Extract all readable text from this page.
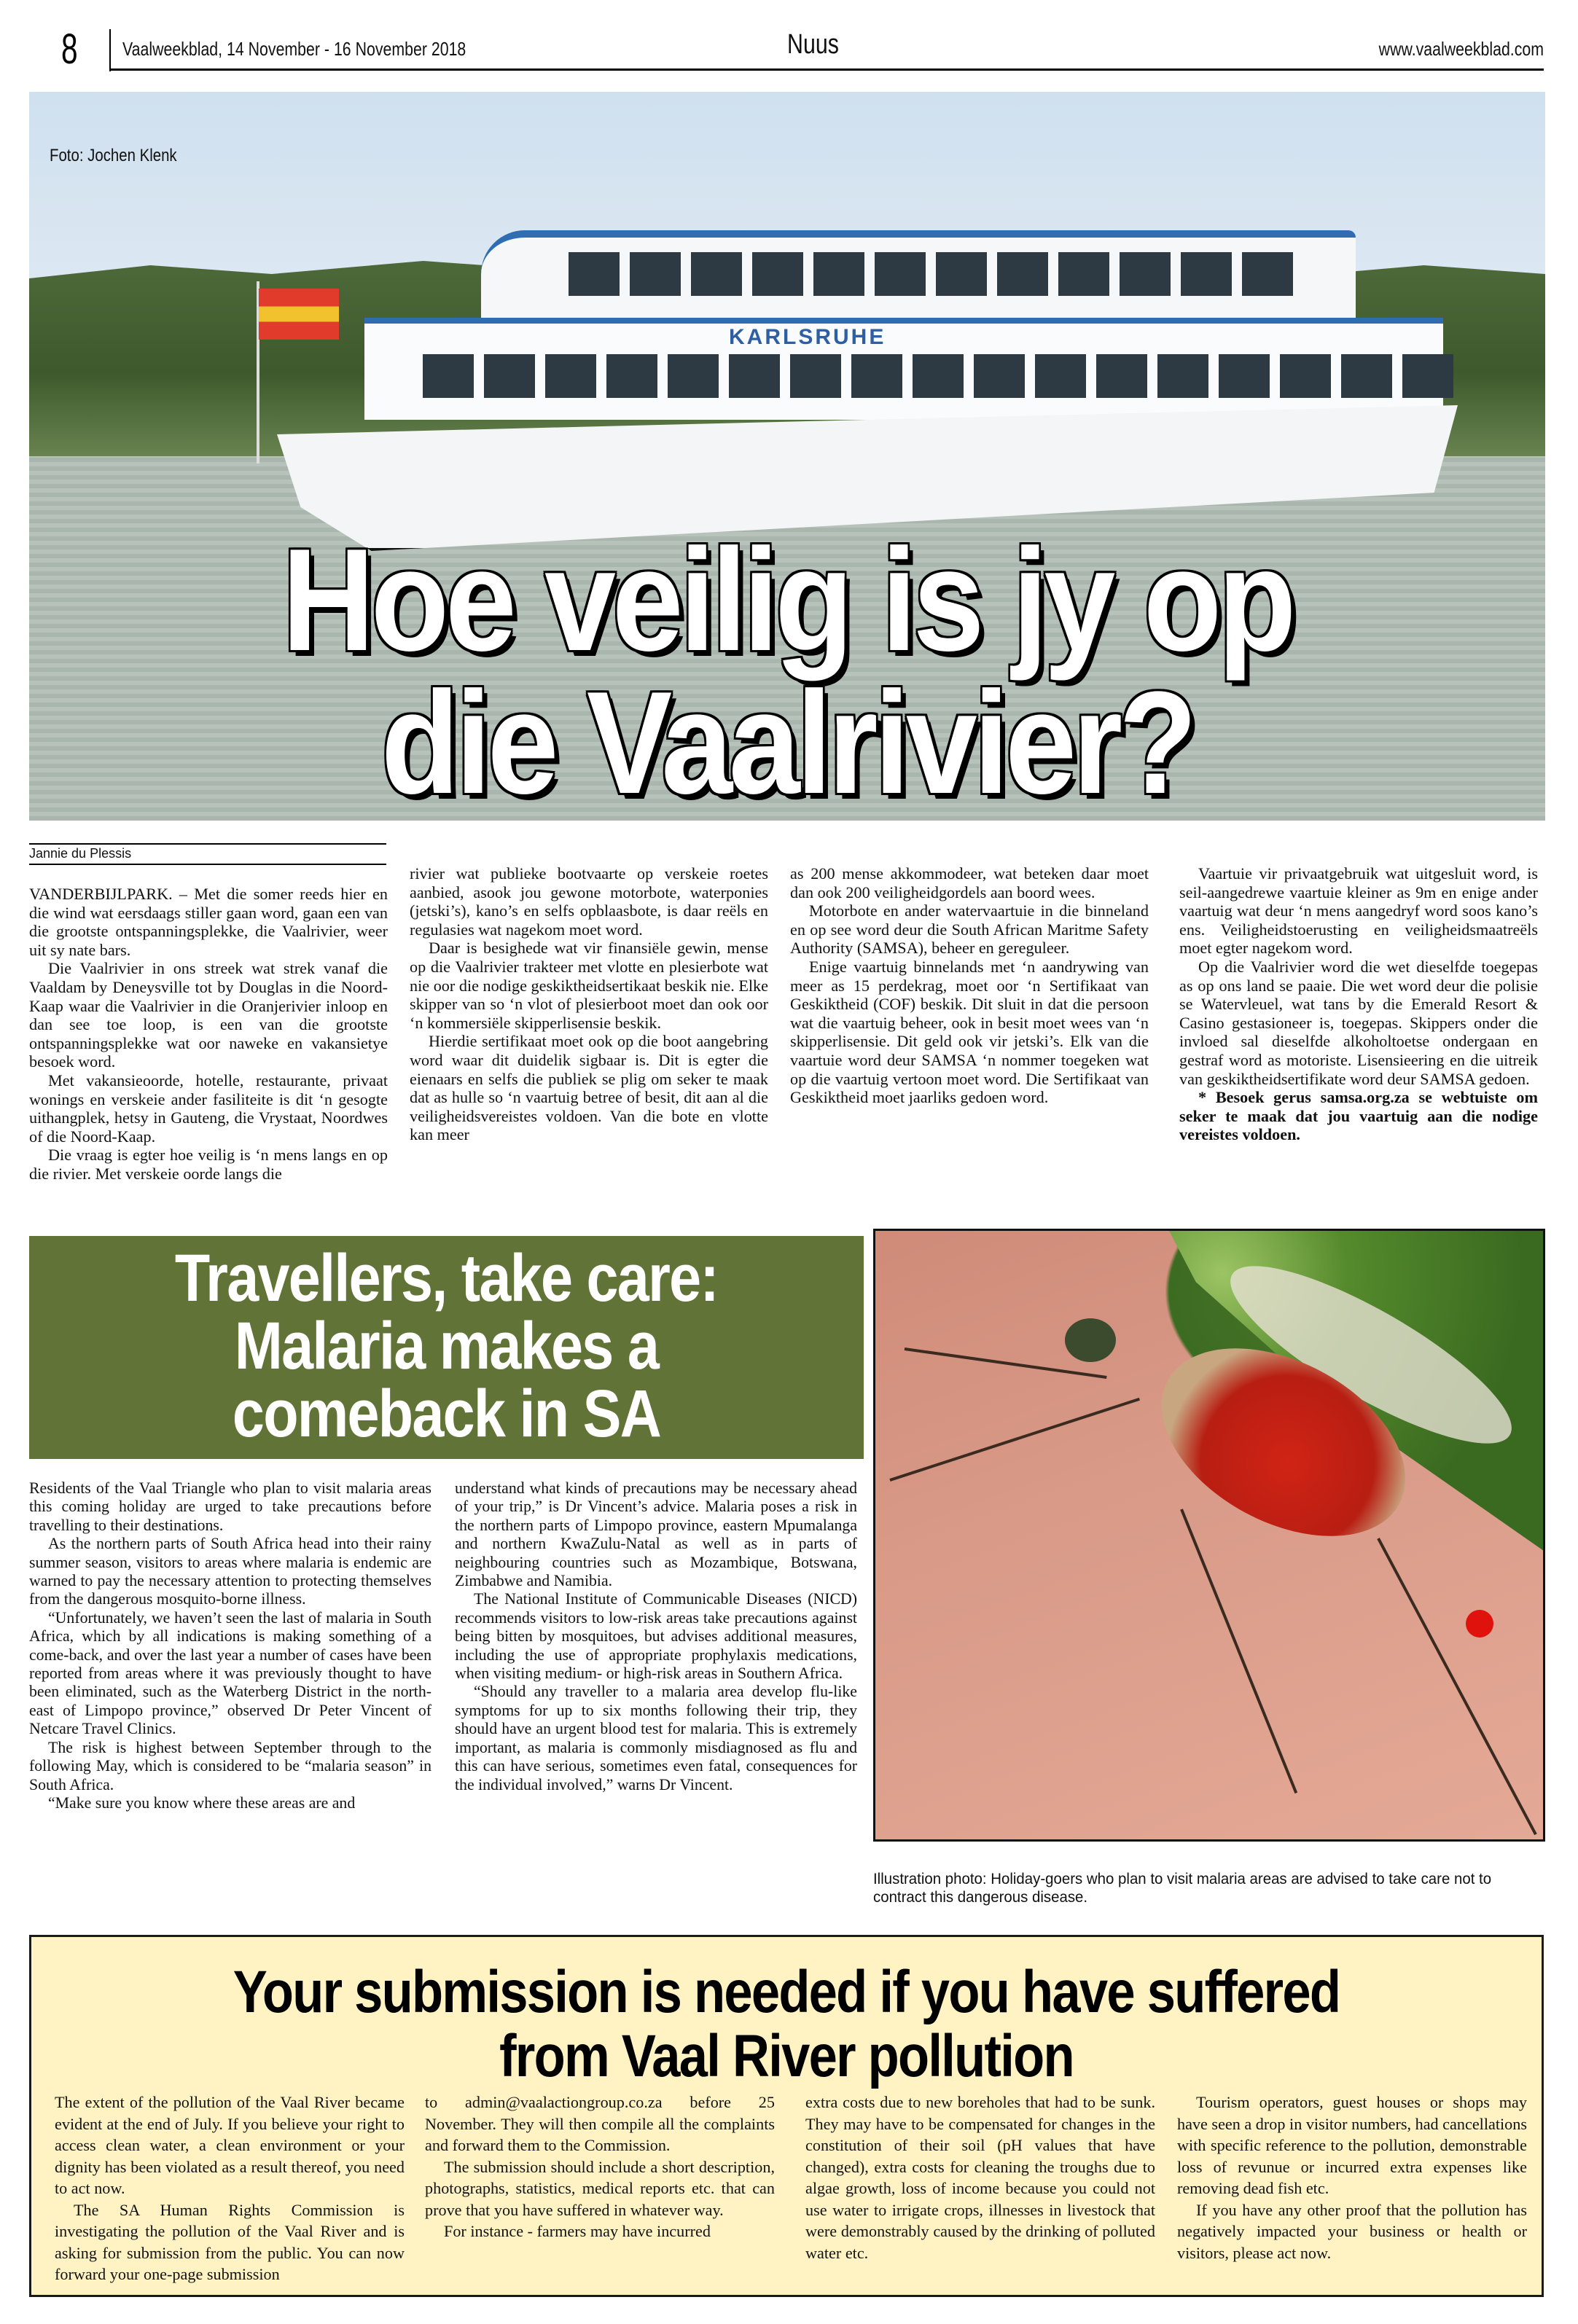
8 Vaalweekblad, 14 November - 16 November 2018	Nuus	www.vaalweekblad.com
KARLSRUHE
Foto: Jochen Klenk
Hoe veilig is jy op
die Vaalrivier?
Jannie du Plessis

VANDERBIJLPARK. – Met die somer reeds hier en die wind wat eersdaags stiller gaan word, gaan een van die grootste ontspanningsplekke, die Vaalrivier, weer uit sy nate bars.

Die Vaalrivier in ons streek wat strek vanaf die Vaaldam by Deneysville tot by Douglas in die Noord-Kaap waar die Vaalrivier in die Oranjerivier inloop en dan see toe loop, is een van die grootste ontspanningsplekke wat oor naweke en vakansietye besoek word.

Met vakansieoorde, hotelle, restaurante, privaat wonings en verskeie ander fasiliteite is dit ‘n gesogte uithangplek, hetsy in Gauteng, die Vrystaat, Noordwes of die Noord-Kaap.

Die vraag is egter hoe veilig is ‘n mens langs en op die rivier. Met verskeie oorde langs die

rivier wat publieke bootvaarte op verskeie roetes aanbied, asook jou gewone motorbote, waterponies (jetski’s), kano’s en selfs opblaasbote, is daar reëls en regulasies wat nagekom moet word.

Daar is besighede wat vir finansiële gewin, mense op die Vaalrivier trakteer met vlotte en plesierbote wat nie oor die nodige geskiktheidsertikaat beskik nie. Elke skipper van so ‘n vlot of plesierboot moet dan ook oor ‘n kommersiële skipperlisensie beskik.

Hierdie sertifikaat moet ook op die boot aangebring word waar dit duidelik sigbaar is. Dit is egter die eienaars en selfs die publiek se plig om seker te maak dat as hulle so ‘n vaartuig betree of besit, dit aan al die veiligheidsvereistes voldoen. Van die bote en vlotte kan meer

as 200 mense akkommodeer, wat beteken daar moet dan ook 200 veiligheidgordels aan boord wees.

Motorbote en ander watervaartuie in die binneland en op see word deur die South African Maritme Safety Authority (SAMSA), beheer en gereguleer.

Enige vaartuig binnelands met ‘n aandrywing van meer as 15 perdekrag, moet oor ‘n Sertifikaat van Geskiktheid (COF) beskik. Dit sluit in dat die persoon wat die vaartuig beheer, ook in besit moet wees van ‘n skipperlisensie. Dit geld ook vir jetski’s. Elk van die vaartuie word deur SAMSA ‘n nommer toegeken wat op die vaartuig vertoon moet word. Die Sertifikaat van Geskiktheid moet jaarliks gedoen word.

Vaartuie vir privaatgebruik wat uitgesluit word, is seil-aangedrewe vaartuie kleiner as 9m en enige ander vaartuig wat deur ‘n mens aangedryf word soos kano’s ens. Veiligheidstoerusting en veiligheidsmaatreëls moet egter nagekom word.

Op die Vaalrivier word die wet dieselfde toegepas as op ons land se paaie. Die wet word deur die polisie se Watervleuel, wat tans by die Emerald Resort & Casino gestasioneer is, toegepas. Skippers onder die invloed sal dieselfde alkoholtoetse ondergaan en gestraf word as motoriste. Lisensieering en die uitreik van geskiktheidsertifikate word deur SAMSA gedoen.

* Besoek gerus samsa.org.za se webtuiste om seker te maak dat jou vaartuig aan die nodige vereistes voldoen.

Travellers, take care:
Malaria makes a
comeback in SA
Illustration photo: Holiday-goers who plan to visit malaria areas are advised to take care not to contract this dangerous disease.

Residents of the Vaal Triangle who plan to visit malaria areas this coming holiday are urged to take precautions before travelling to their destinations.

As the northern parts of South Africa head into their rainy summer season, visitors to areas where malaria is endemic are warned to pay the necessary attention to protecting themselves from the dangerous mosquito-borne illness.

“Unfortunately, we haven’t seen the last of malaria in South Africa, which by all indications is making something of a come-back, and over the last year a number of cases have been reported from areas where it was previously thought to have been eliminated, such as the Waterberg District in the north-east of Limpopo province,” observed Dr Peter Vincent of Netcare Travel Clinics.

The risk is highest between September through to the following May, which is considered to be “malaria season” in South Africa.

“Make sure you know where these areas are and

understand what kinds of precautions may be necessary ahead of your trip,” is Dr Vincent’s advice. Malaria poses a risk in the northern parts of Limpopo province, eastern Mpumalanga and northern KwaZulu-Natal as well as in parts of neighbouring countries such as Mozambique, Botswana, Zimbabwe and Namibia.

The National Institute of Communicable Diseases (NICD) recommends visitors to low-risk areas take precautions against being bitten by mosquitoes, but advises additional measures, including the use of appropriate prophylaxis medications, when visiting medium- or high-risk areas in Southern Africa.

“Should any traveller to a malaria area develop flu-like symptoms for up to six months following their trip, they should have an urgent blood test for malaria. This is extremely important, as malaria is commonly misdiagnosed as flu and this can have serious, sometimes even fatal, consequences for the individual involved,” warns Dr Vincent.

Your submission is needed if you have suffered
from Vaal River pollution

The extent of the pollution of the Vaal River became evident at the end of July. If you believe your right to access clean water, a clean environment or your dignity has been violated as a result thereof, you need to act now.

The SA Human Rights Commission is investigating the pollution of the Vaal River and is asking for submission from the public. You can now forward your one-page submission

to admin@vaalactiongroup.co.za before 25 November. They will then compile all the complaints and forward them to the Commission.

The submission should include a short description, photographs, statistics, medical reports etc. that can prove that you have suffered in whatever way.

For instance - farmers may have incurred

extra costs due to new boreholes that had to be sunk. They may have to be compensated for changes in the constitution of their soil (pH values that have changed), extra costs for cleaning the troughs due to algae growth, loss of income because you could not use water to irrigate crops, illnesses in livestock that were demonstrably caused by the drinking of polluted water etc.

Tourism operators, guest houses or shops may have seen a drop in visitor numbers, had cancellations with specific reference to the pollution, demonstrable loss of revunue or incurred extra expenses like removing dead fish etc.

If you have any other proof that the pollution has negatively impacted your business or health or visitors, please act now.
